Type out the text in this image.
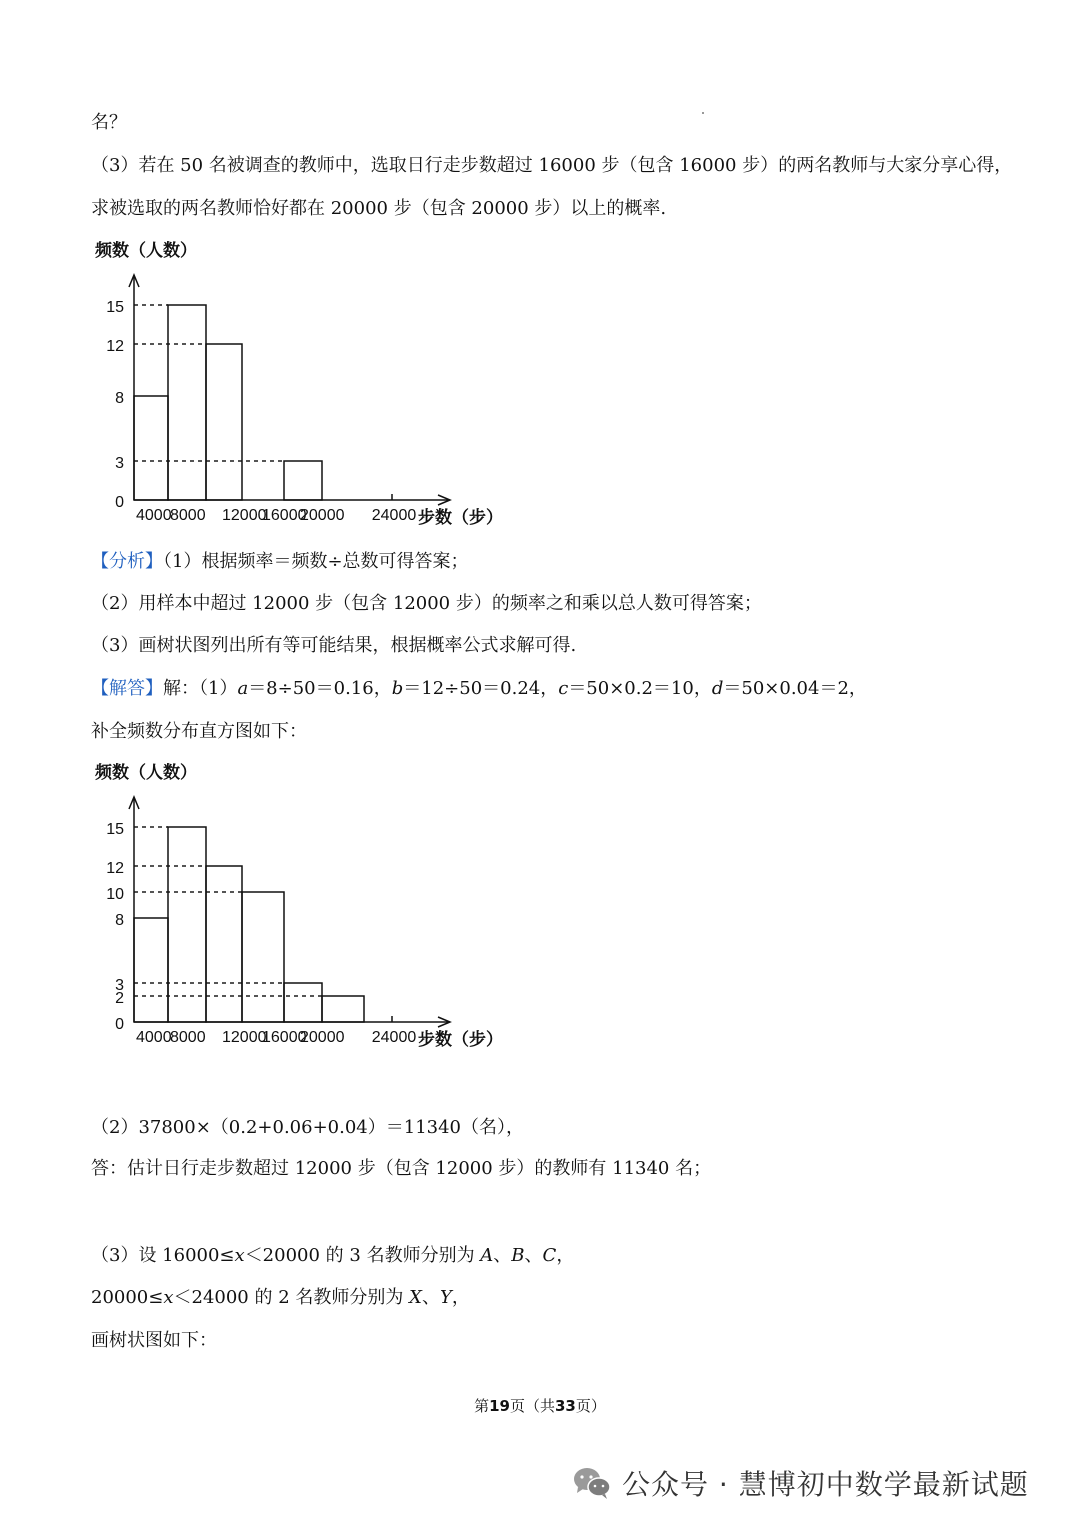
名？
（3）若在 50 名被调查的教师中，选取日行走步数超过 16000 步（包含 16000 步）的两名教师与大家分享心得，
求被选取的两名教师恰好都在 20000 步（包含 20000 步）以上的概率.
0
3
8
12
15
4000
8000 12000
16000
20000 24000
频数（人数）
步数（步）
【分析】（1）根据频率＝频数÷总数可得答案；
（2）用样本中超过 12000 步（包含 12000 步）的频率之和乘以总人数可得答案；
（3）画树状图列出所有等可能结果，根据概率公式求解可得.
【解答】解：（1）a＝8÷50＝0.16，b＝12÷50＝0.24，c＝50×0.2＝10，d＝50×0.04＝2，
补全频数分布直方图如下：
0
2
3
8
10
12
15
4000
8000 12000
16000
20000 24000
频数（人数）
步数（步）
（2）37800×（0.2+0.06+0.04）＝11340（名），
答：估计日行走步数超过 12000 步（包含 12000 步）的教师有 11340 名；
（3）设 16000≤x＜20000 的 3 名教师分别为 A、B、C，
20000≤x＜24000 的 2 名教师分别为 X、Y，
画树状图如下：
第19页（共33页）
公众号 · 慧博初中数学最新试题
